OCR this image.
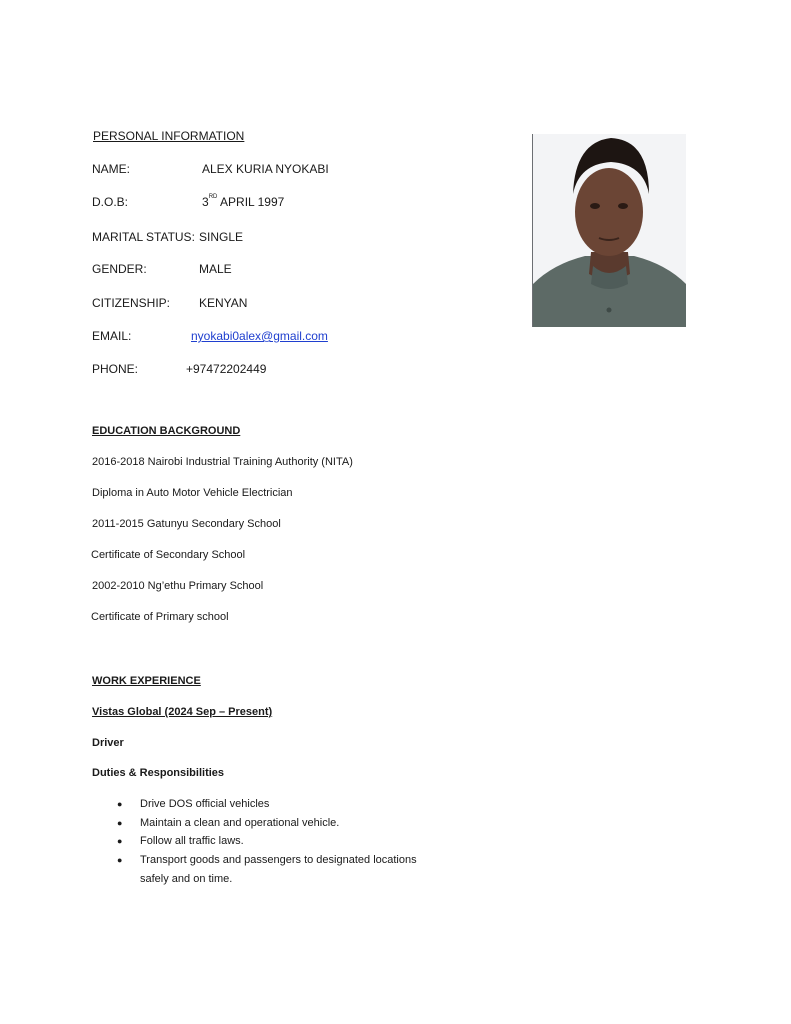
PERSONAL INFORMATION
NAME:	ALEX KURIA NYOKABI
D.O.B:	3RD APRIL 1997
MARITAL STATUS: SINGLE
GENDER:	MALE
CITIZENSHIP: KENYAN
EMAIL:	nyokabi0alex@gmail.com
PHONE:	+97472202449
EDUCATION BACKGROUND
2016-2018 Nairobi Industrial Training Authority (NITA)
Diploma in Auto Motor Vehicle Electrician
2011-2015 Gatunyu Secondary School
Certificate of Secondary School
2002-2010 Ng’ethu Primary School
Certificate of Primary school
WORK EXPERIENCE
Vistas Global (2024 Sep – Present)
Driver
Duties & Responsibilities
● Drive DOS official vehicles
● Maintain a clean and operational vehicle.
● Follow all traffic laws.
● Transport goods and passengers to designated locations
safely and on time.
